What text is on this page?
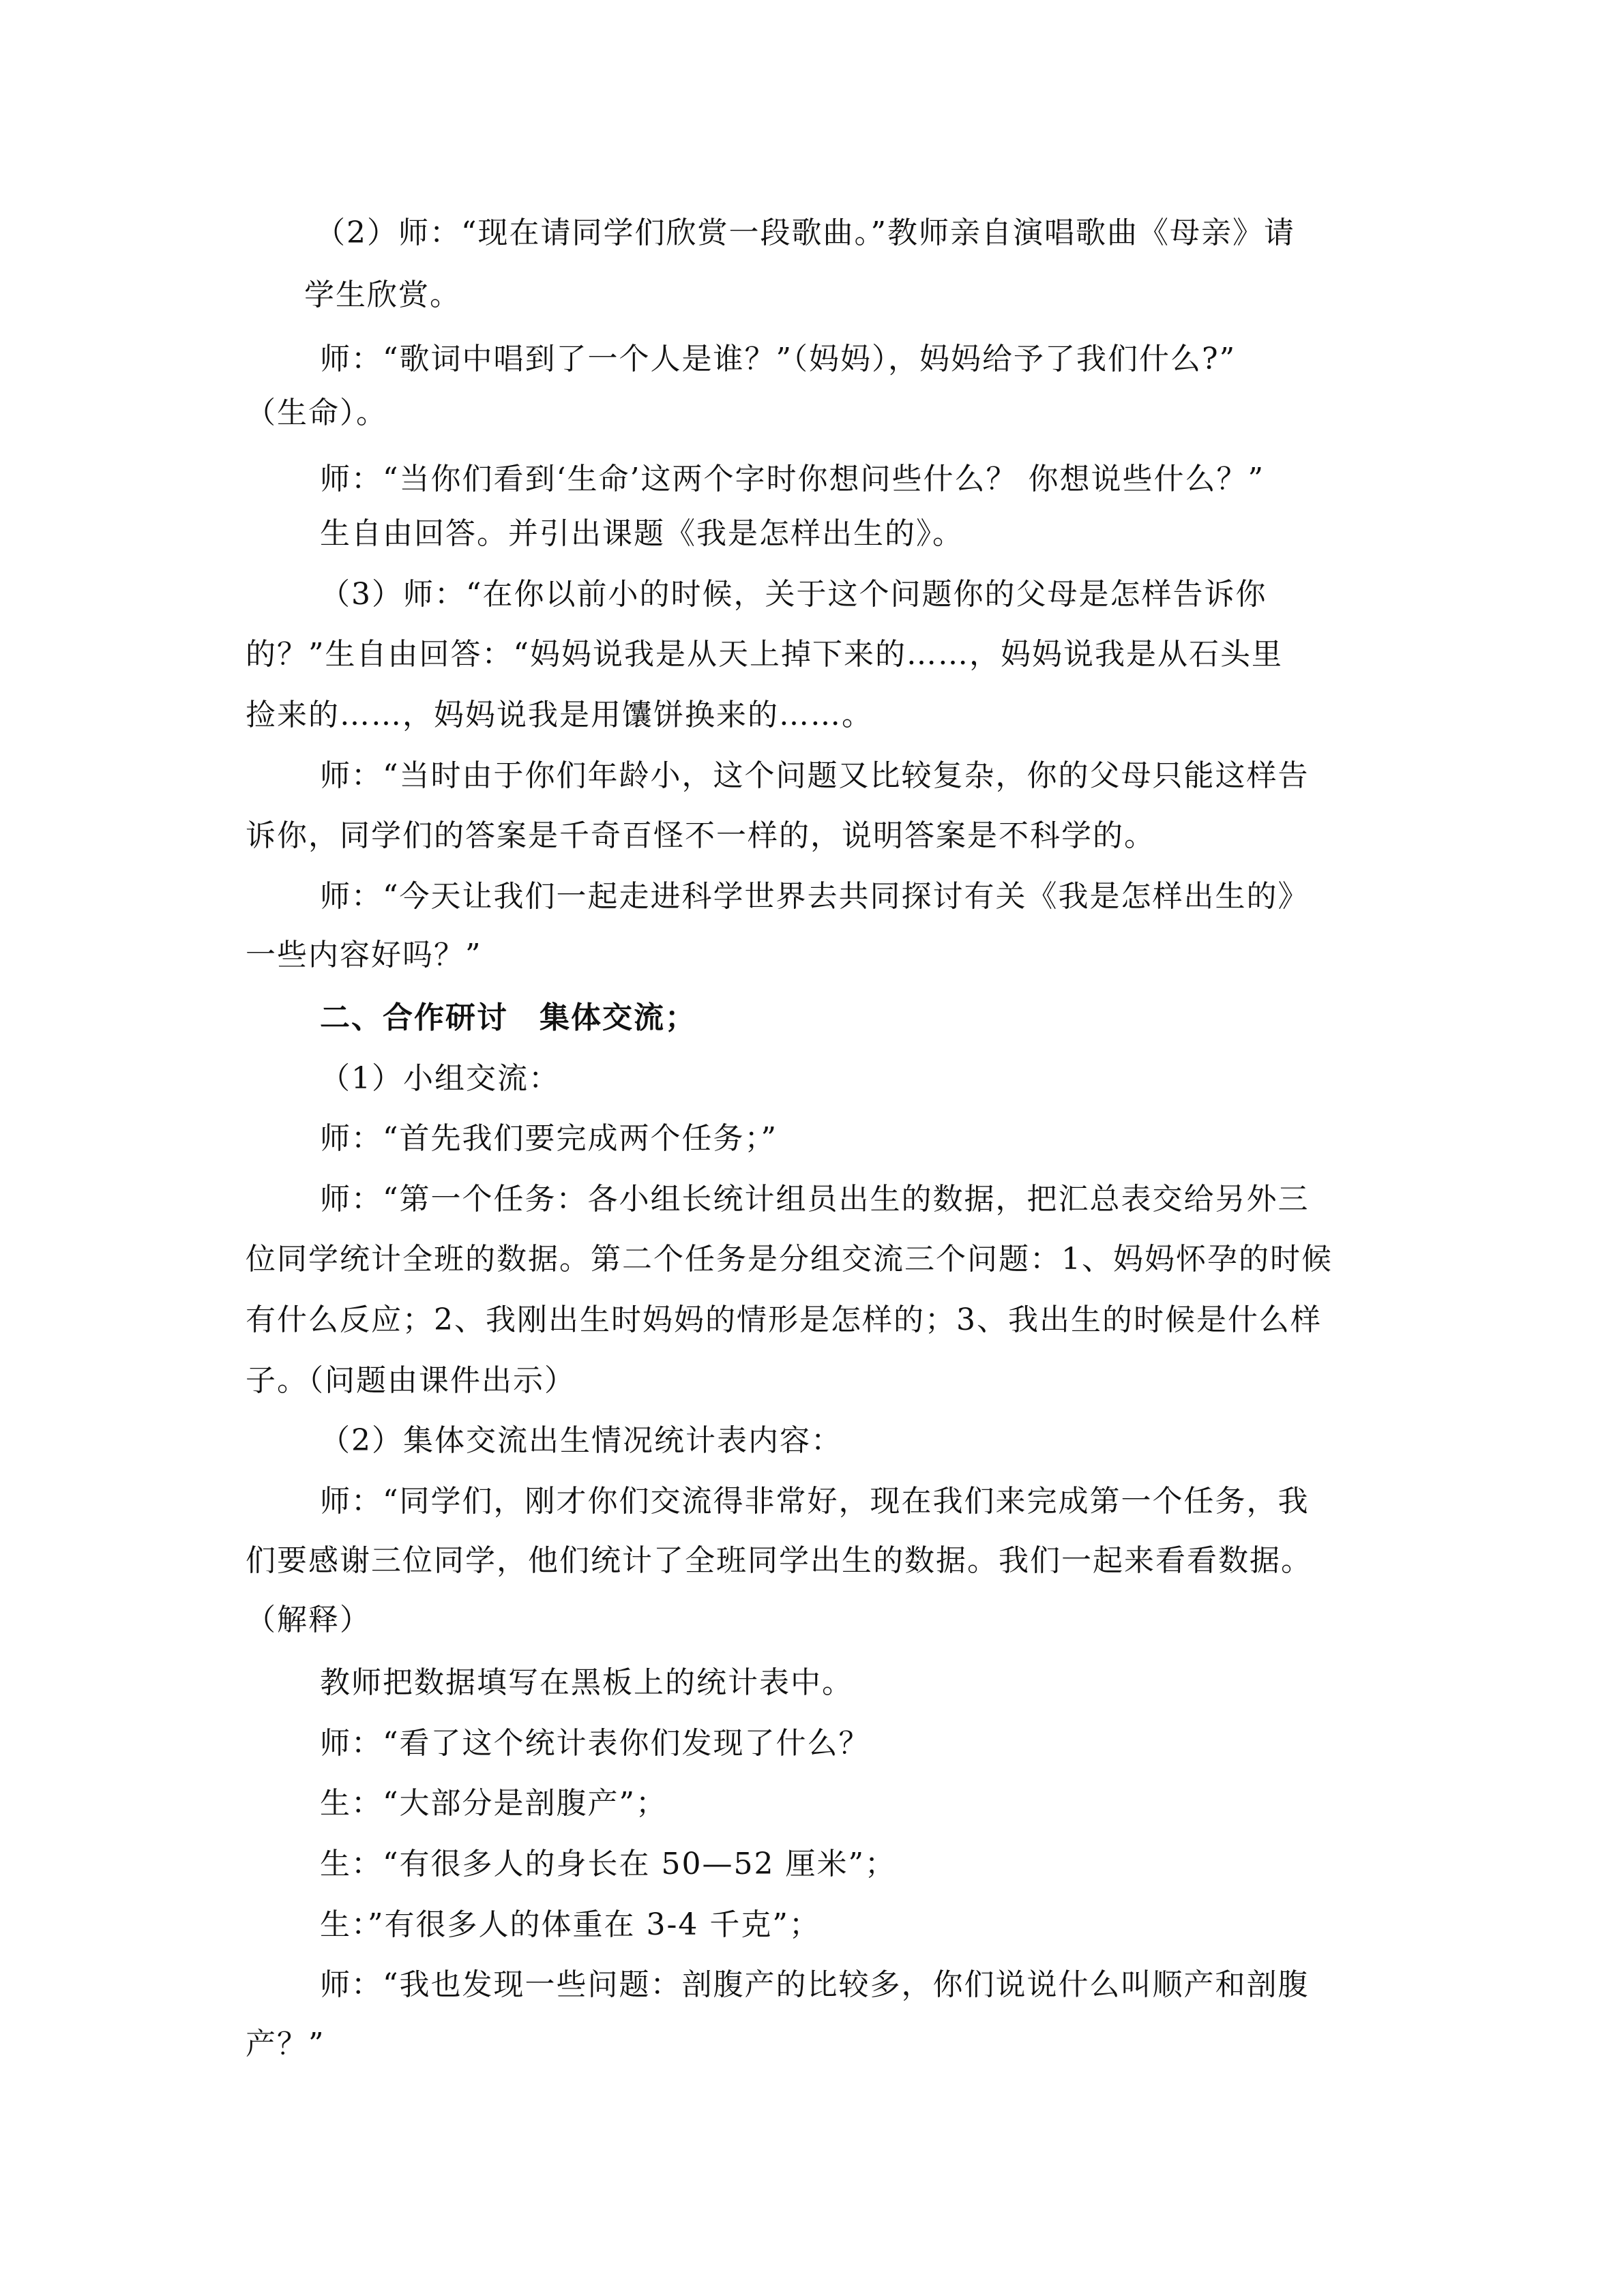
（2）师：“现在请同学们欣赏一段歌曲。”教师亲自演唱歌曲《母亲》请
学生欣赏。
师：“歌词中唱到了一个人是谁？”（妈妈），妈妈给予了我们什么?”
（生命）。
师：“当你们看到‘生命’这两个字时你想问些什么？ 你想说些什么？”
生自由回答。并引出课题《我是怎样出生的》。
（3）师：“在你以前小的时候，关于这个问题你的父母是怎样告诉你
的？”生自由回答：“妈妈说我是从天上掉下来的……，妈妈说我是从石头里
捡来的……，妈妈说我是用馕饼换来的……。
师：“当时由于你们年龄小，这个问题又比较复杂，你的父母只能这样告
诉你，同学们的答案是千奇百怪不一样的，说明答案是不科学的。
师：“今天让我们一起走进科学世界去共同探讨有关《我是怎样出生的》
一些内容好吗？”
二、合作研讨　集体交流；
（1）小组交流：
师：“首先我们要完成两个任务；”
师：“第一个任务：各小组长统计组员出生的数据，把汇总表交给另外三
位同学统计全班的数据。第二个任务是分组交流三个问题：1、妈妈怀孕的时候
有什么反应；2、我刚出生时妈妈的情形是怎样的；3、我出生的时候是什么样
子。（问题由课件出示）
（2）集体交流出生情况统计表内容：
师：“同学们，刚才你们交流得非常好，现在我们来完成第一个任务，我
们要感谢三位同学，他们统计了全班同学出生的数据。我们一起来看看数据。
（解释）
教师把数据填写在黑板上的统计表中。
师：“看了这个统计表你们发现了什么？
生：“大部分是剖腹产”；
生：“有很多人的身长在 50—52 厘米”；
生：”有很多人的体重在 3-4 千克”；
师：“我也发现一些问题：剖腹产的比较多，你们说说什么叫顺产和剖腹
产？”
